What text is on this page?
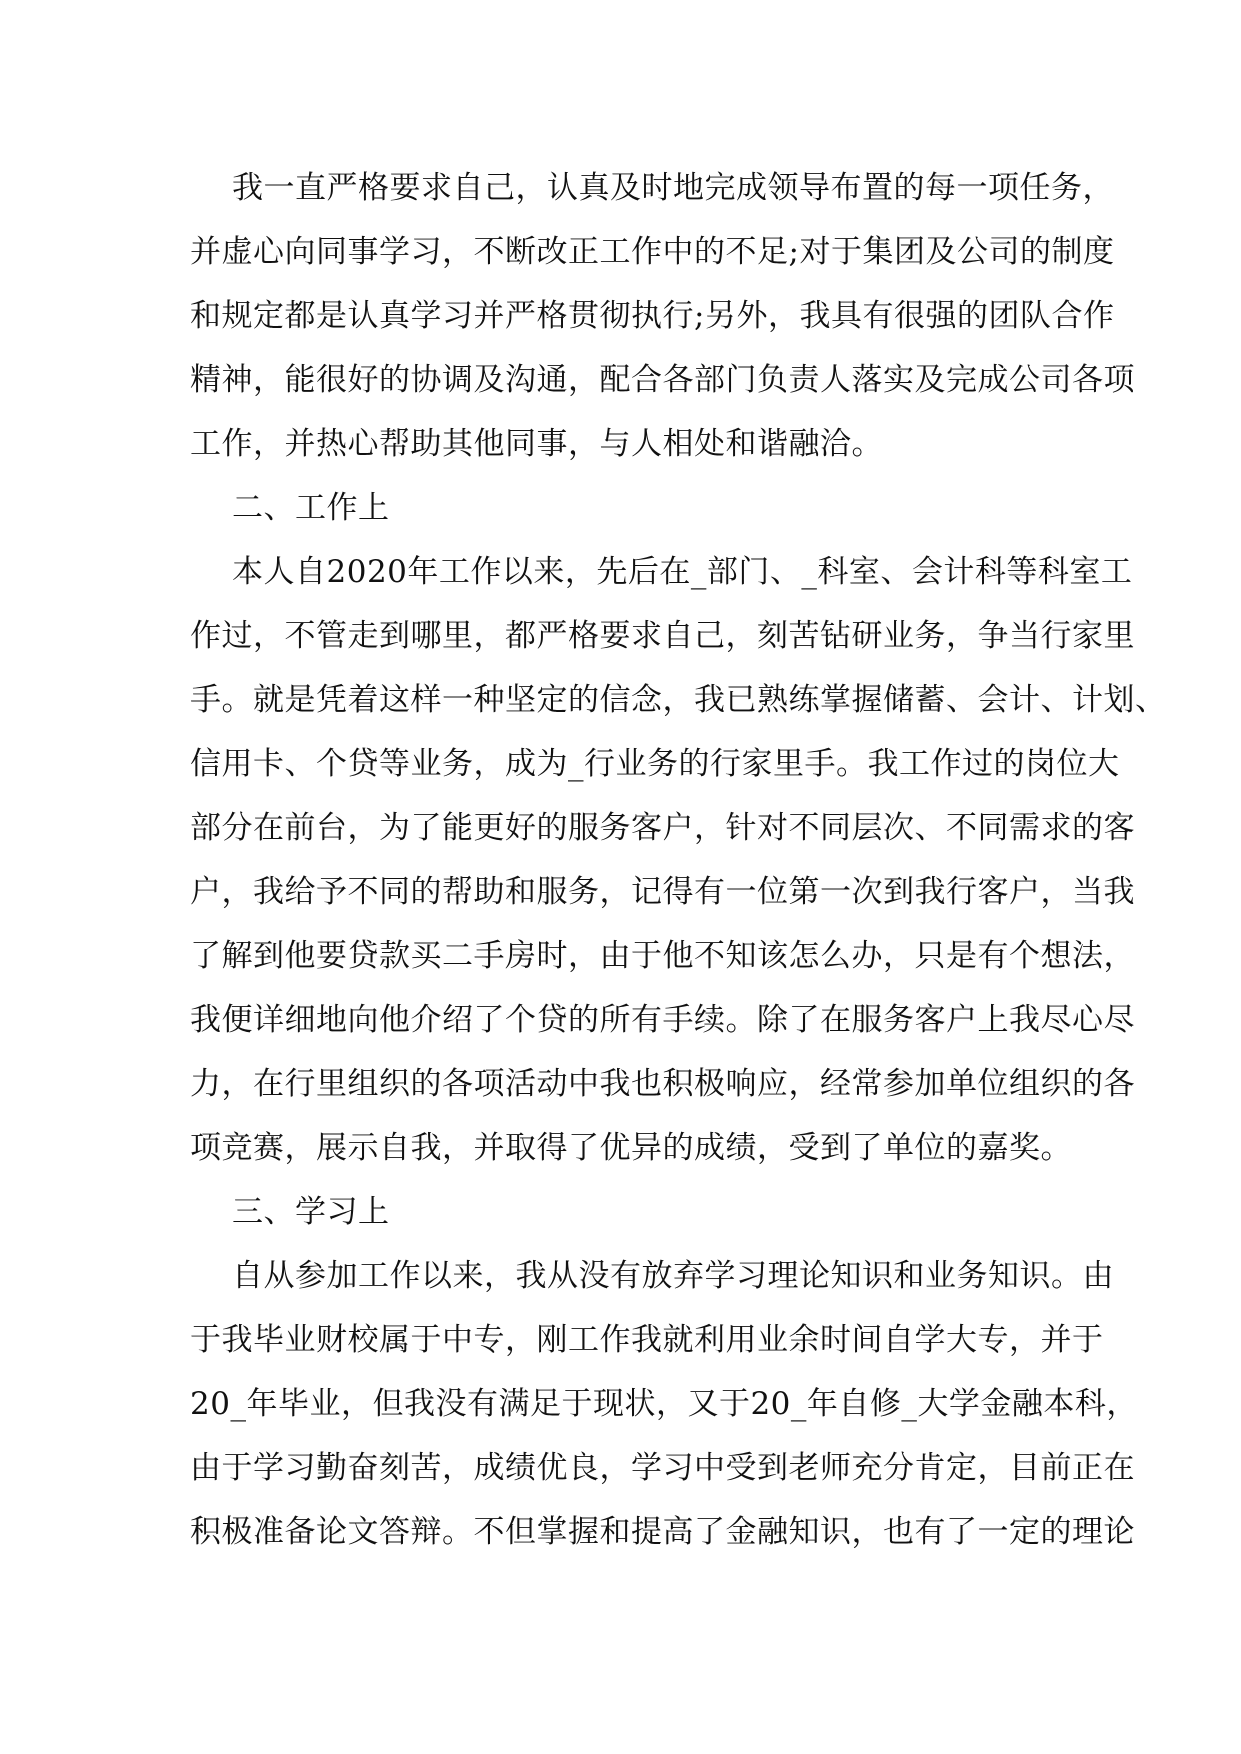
我一直严格要求自己，认真及时地完成领导布置的每一项任务，
并虚心向同事学习，不断改正工作中的不足;对于集团及公司的制度
和规定都是认真学习并严格贯彻执行;另外，我具有很强的团队合作
精神，能很好的协调及沟通，配合各部门负责人落实及完成公司各项
工作，并热心帮助其他同事，与人相处和谐融洽。
二、工作上
本人自2020年工作以来，先后在_部门、_科室、会计科等科室工
作过，不管走到哪里，都严格要求自己，刻苦钻研业务，争当行家里
手。就是凭着这样一种坚定的信念，我已熟练掌握储蓄、会计、计划、
信用卡、个贷等业务，成为_行业务的行家里手。我工作过的岗位大
部分在前台，为了能更好的服务客户，针对不同层次、不同需求的客
户，我给予不同的帮助和服务，记得有一位第一次到我行客户，当我
了解到他要贷款买二手房时，由于他不知该怎么办，只是有个想法，
我便详细地向他介绍了个贷的所有手续。除了在服务客户上我尽心尽
力，在行里组织的各项活动中我也积极响应，经常参加单位组织的各
项竞赛，展示自我，并取得了优异的成绩，受到了单位的嘉奖。
三、学习上
自从参加工作以来，我从没有放弃学习理论知识和业务知识。由
于我毕业财校属于中专，刚工作我就利用业余时间自学大专，并于
20_年毕业，但我没有满足于现状，又于20_年自修_大学金融本科，
由于学习勤奋刻苦，成绩优良，学习中受到老师充分肯定，目前正在
积极准备论文答辩。不但掌握和提高了金融知识，也有了一定的理论
